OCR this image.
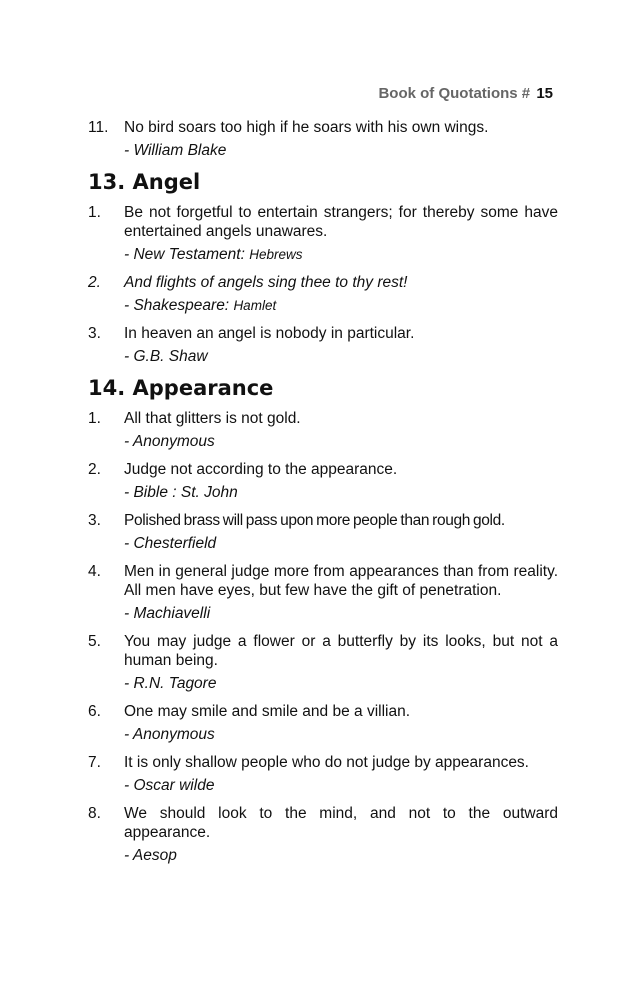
Book of Quotations # 15
11.	No bird soars too high if he soars with his own wings.
- William Blake
13. Angel
1.	Be not forgetful to entertain strangers; for thereby some have entertained angels unawares.
- New Testament: Hebrews
2.	And flights of angels sing thee to thy rest!
- Shakespeare: Hamlet
3.	In heaven an angel is nobody in particular.
- G.B. Shaw
14. Appearance
1.	All that glitters is not gold.
- Anonymous
2.	Judge not according to the appearance.
- Bible : St. John
3.	Polished brass will pass upon more people than rough gold.
- Chesterfield
4.	Men in general judge more from appearances than from reality. All men have eyes, but few have the gift of penetration.
- Machiavelli
5.	You may judge a flower or a butterfly by its looks, but not a human being.
- R.N. Tagore
6.	One may smile and smile and be a villian.
- Anonymous
7.	It is only shallow people who do not judge by appearances.
- Oscar wilde
8.	We should look to the mind, and not to the outward appearance.
- Aesop
